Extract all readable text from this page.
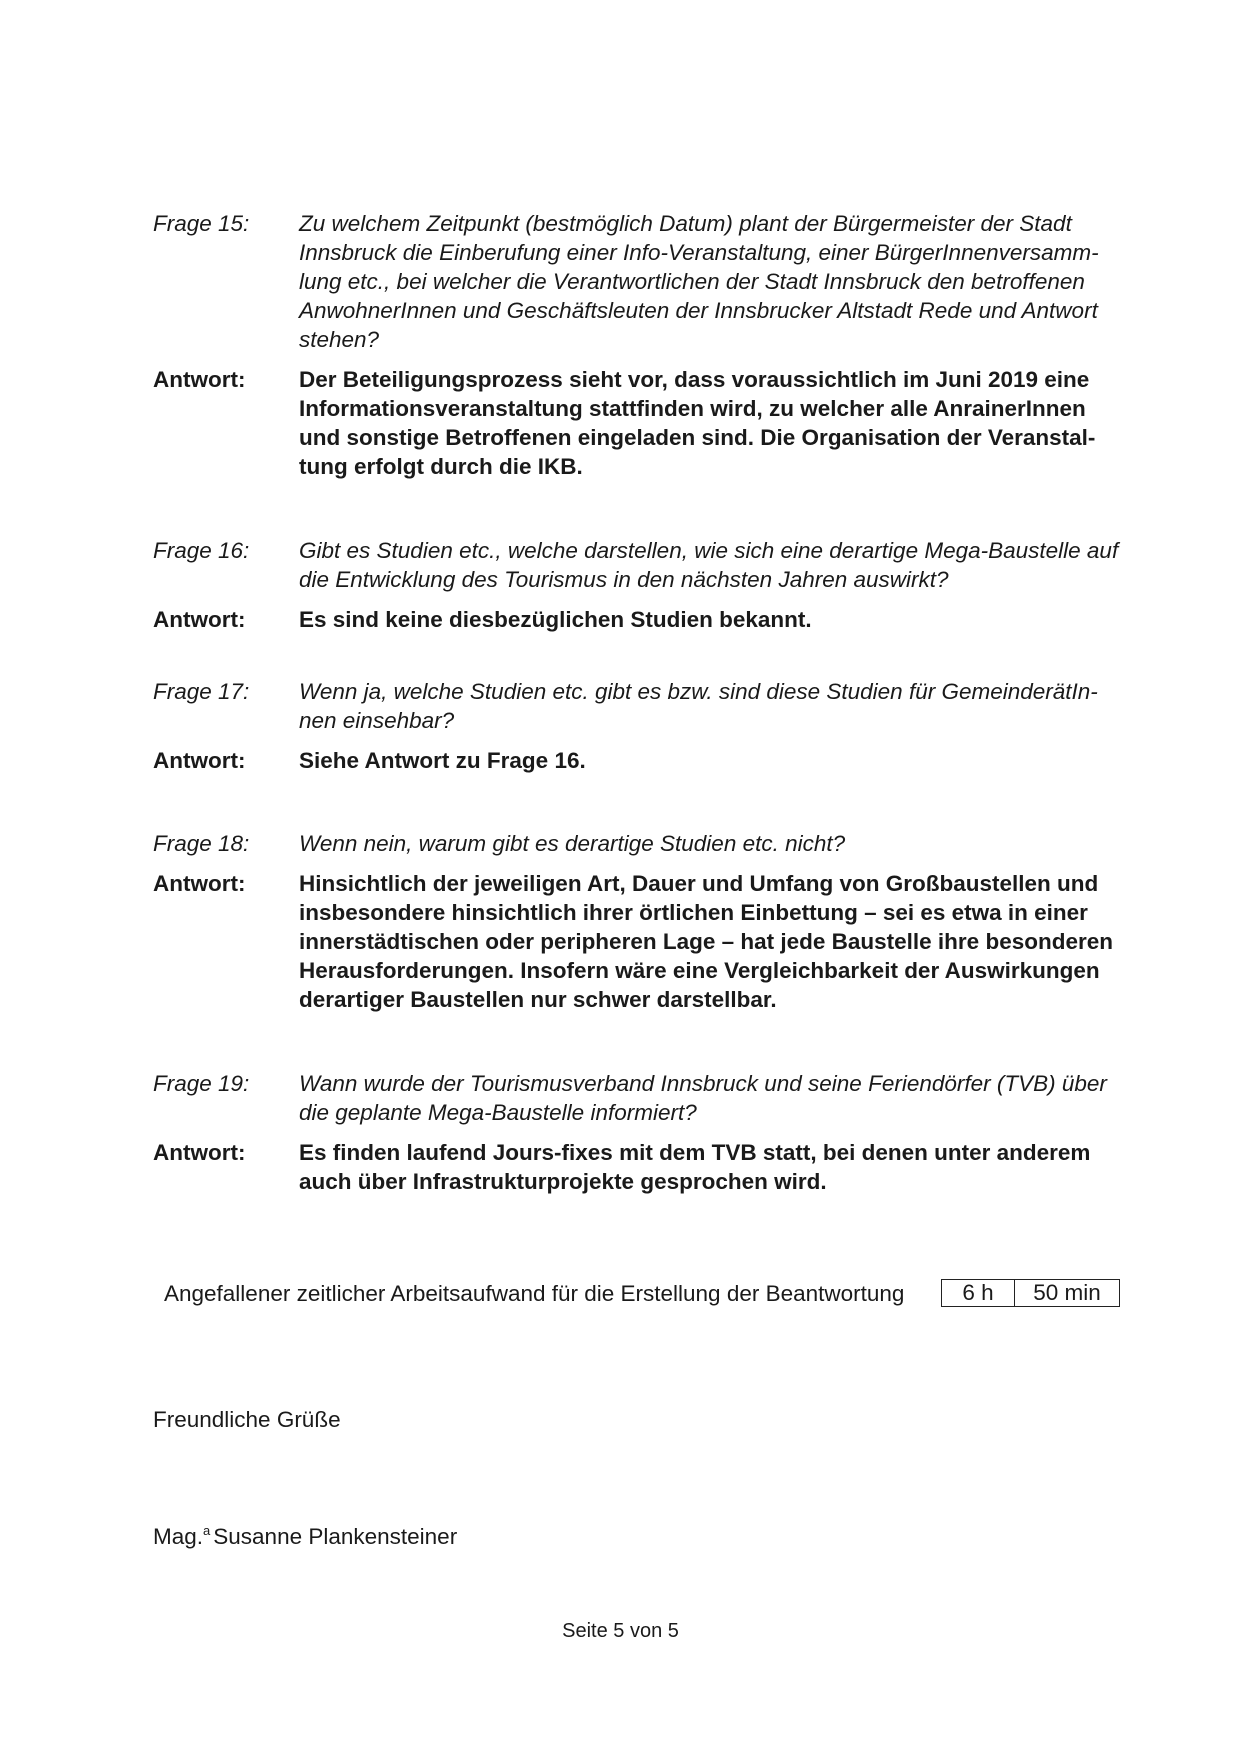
Frage 15:	Zu welchem Zeitpunkt (bestmöglich Datum) plant der Bürgermeister der Stadt
Innsbruck die Einberufung einer Info-Veranstaltung, einer BürgerInnenversamm-
lung etc., bei welcher die Verantwortlichen der Stadt Innsbruck den betroffenen
AnwohnerInnen und Geschäftsleuten der Innsbrucker Altstadt Rede und Antwort
stehen?
Antwort:	Der Beteiligungsprozess sieht vor, dass voraussichtlich im Juni 2019 eine
Informationsveranstaltung stattfinden wird, zu welcher alle AnrainerInnen
und sonstige Betroffenen eingeladen sind. Die Organisation der Veranstal-
tung erfolgt durch die IKB.
Frage 16:	Gibt es Studien etc., welche darstellen, wie sich eine derartige Mega-Baustelle auf
die Entwicklung des Tourismus in den nächsten Jahren auswirkt?
Antwort:	Es sind keine diesbezüglichen Studien bekannt.
Frage 17:	Wenn ja, welche Studien etc. gibt es bzw. sind diese Studien für GemeinderätIn-
nen einsehbar?
Antwort:	Siehe Antwort zu Frage 16.
Frage 18:	Wenn nein, warum gibt es derartige Studien etc. nicht?
Antwort:	Hinsichtlich der jeweiligen Art, Dauer und Umfang von Großbaustellen und
insbesondere hinsichtlich ihrer örtlichen Einbettung – sei es etwa in einer
innerstädtischen oder peripheren Lage – hat jede Baustelle ihre besonderen
Herausforderungen. Insofern wäre eine Vergleichbarkeit der Auswirkungen
derartiger Baustellen nur schwer darstellbar.
Frage 19:	Wann wurde der Tourismusverband Innsbruck und seine Feriendörfer (TVB) über
die geplante Mega-Baustelle informiert?
Antwort:	Es finden laufend Jours-fixes mit dem TVB statt, bei denen unter anderem
auch über Infrastrukturprojekte gesprochen wird.
Angefallener zeitlicher Arbeitsaufwand für die Erstellung der Beantwortung	6 h	50 min
Freundliche Grüße
Mag.$^a$ Susanne Plankensteiner
Seite 5 von 5
